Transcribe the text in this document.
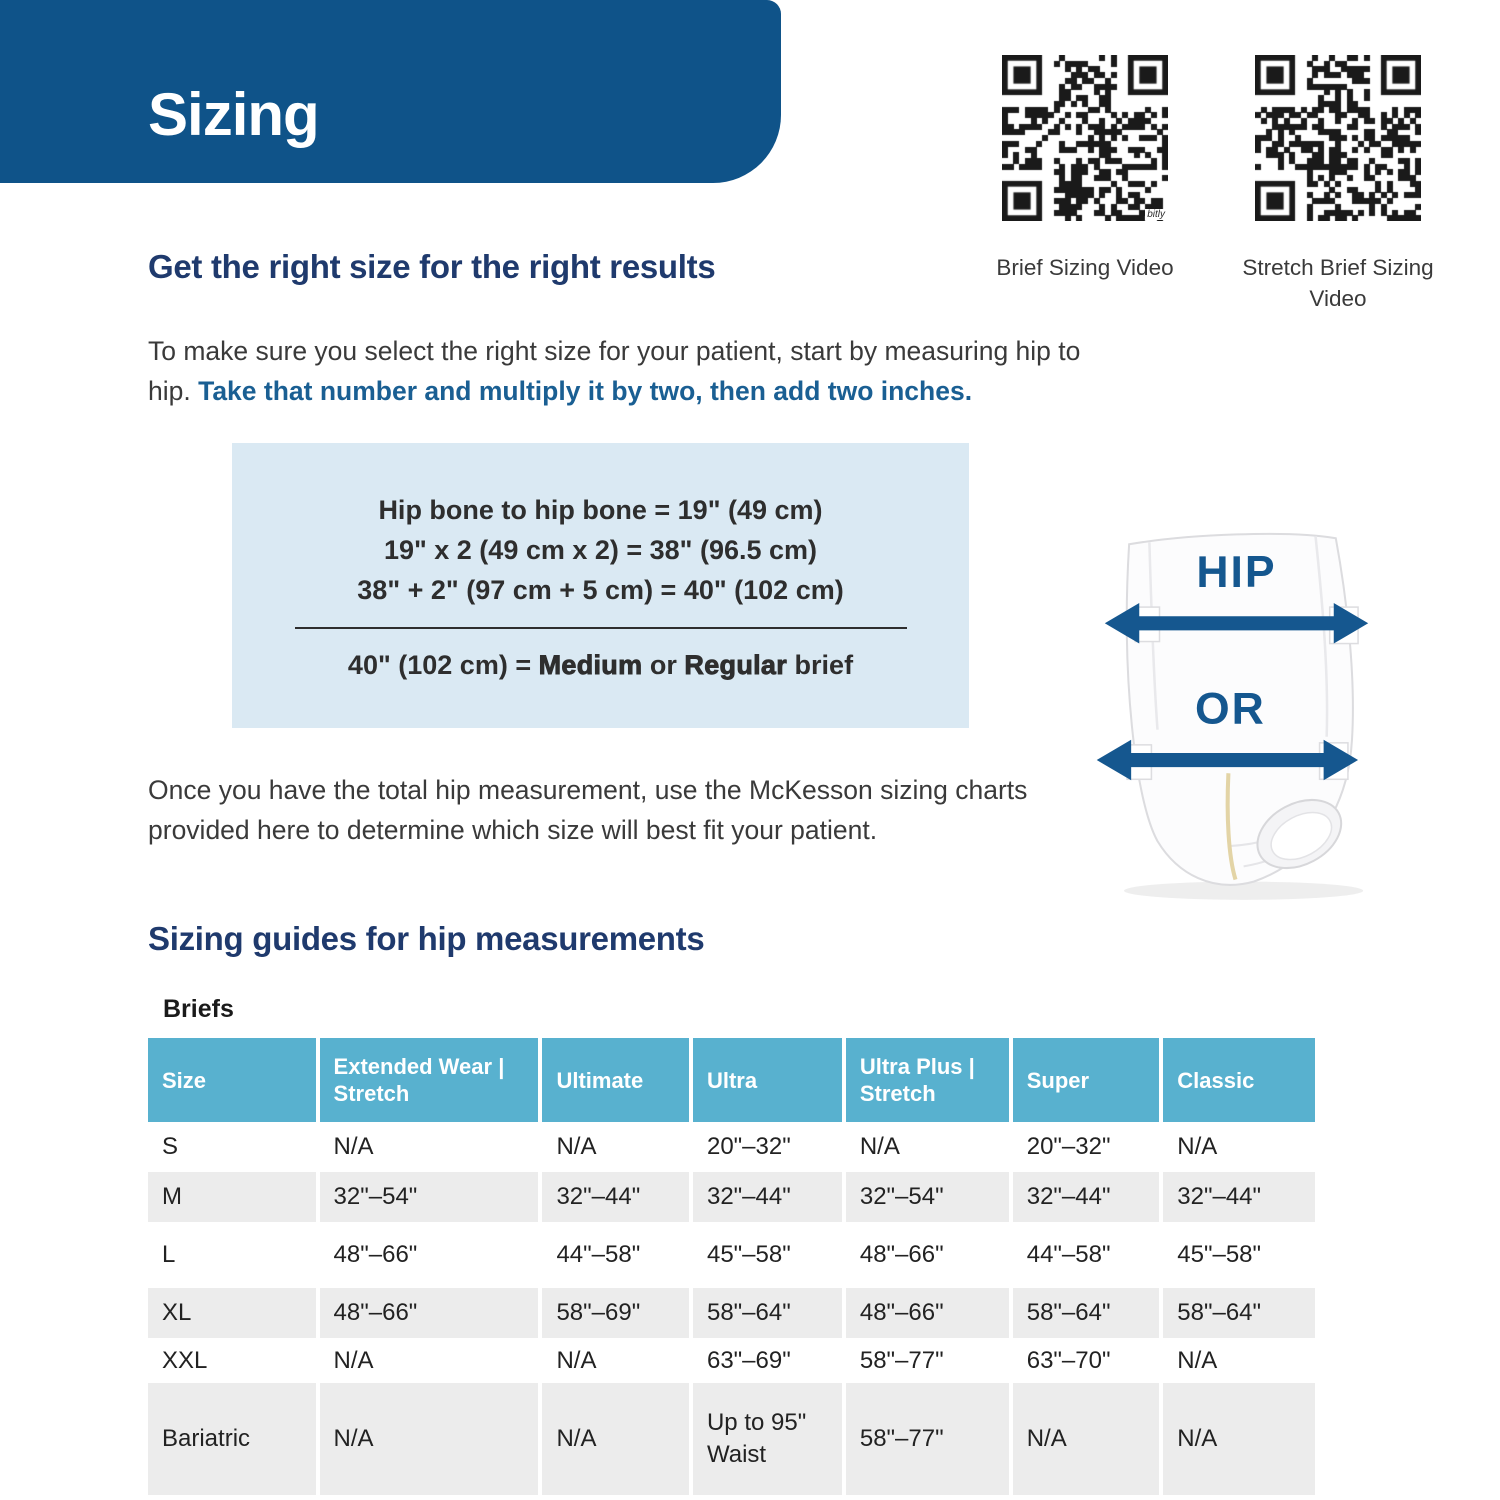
Sizing
bitly
Brief Sizing Video	Stretch Brief Sizing Video
Get the right size for the right results

To make sure you select the right size for your patient, start by measuring hip to hip. Take that number and multiply it by two, then add two inches.

Hip bone to hip bone = 19" (49 cm)
19" x 2 (49 cm x 2) = 38" (96.5 cm)
38" + 2" (97 cm + 5 cm) = 40" (102 cm)
40" (102 cm) = Medium or Regular brief
HIP
OR

Once you have the total hip measurement, use the McKesson sizing charts provided here to determine which size will best fit your patient.

Sizing guides for hip measurements
Briefs
Size	Extended Wear | Stretch	Ultimate	Ultra	Ultra Plus | Stretch	Super	Classic
S	N/A	N/A	20"–32"	N/A	20"–32"	N/A
M	32"–54"	32"–44"	32"–44"	32"–54"	32"–44"	32"–44"
L	48"–66"	44"–58"	45"–58"	48"–66"	44"–58"	45"–58"
XL	48"–66"	58"–69"	58"–64"	48"–66"	58"–64"	58"–64"
XXL	N/A	N/A	63"–69"	58"–77"	63"–70"	N/A
Bariatric	N/A	N/A	Up to 95" Waist	58"–77"	N/A	N/A
